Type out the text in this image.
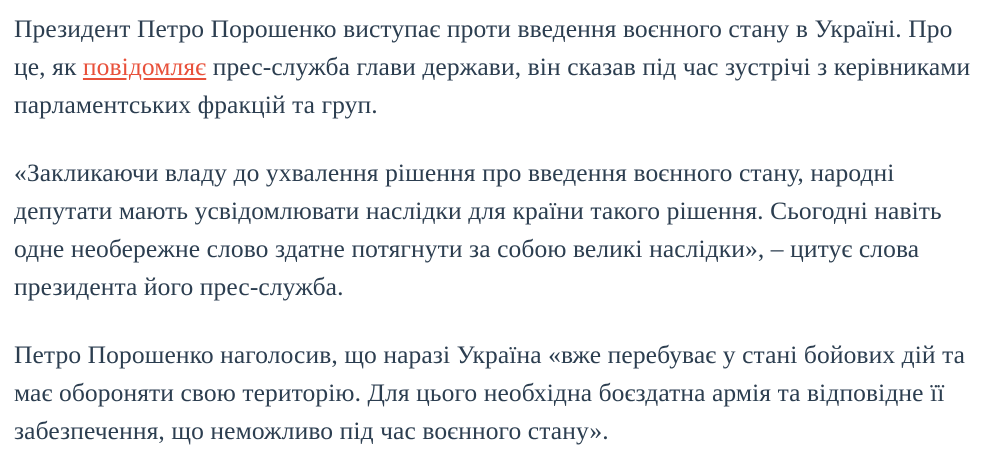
Президент Петро Порошенко виступає проти введення воєнного стану в Україні. Про це, як повідомляє прес-служба глави держави, він сказав під час зустрічі з керівниками парламентських фракцій та груп.

«Закликаючи владу до ухвалення рішення про введення воєнного стану, народні депутати мають усвідомлювати наслідки для країни такого рішення. Сьогодні навіть одне необережне слово здатне потягнути за собою великі наслідки», – цитує слова президента його прес-служба.

Петро Порошенко наголосив, що наразі Україна «вже перебуває у стані бойових дій та має обороняти свою територію. Для цього необхідна боєздатна армія та відповідне її забезпечення, що неможливо під час воєнного стану».
